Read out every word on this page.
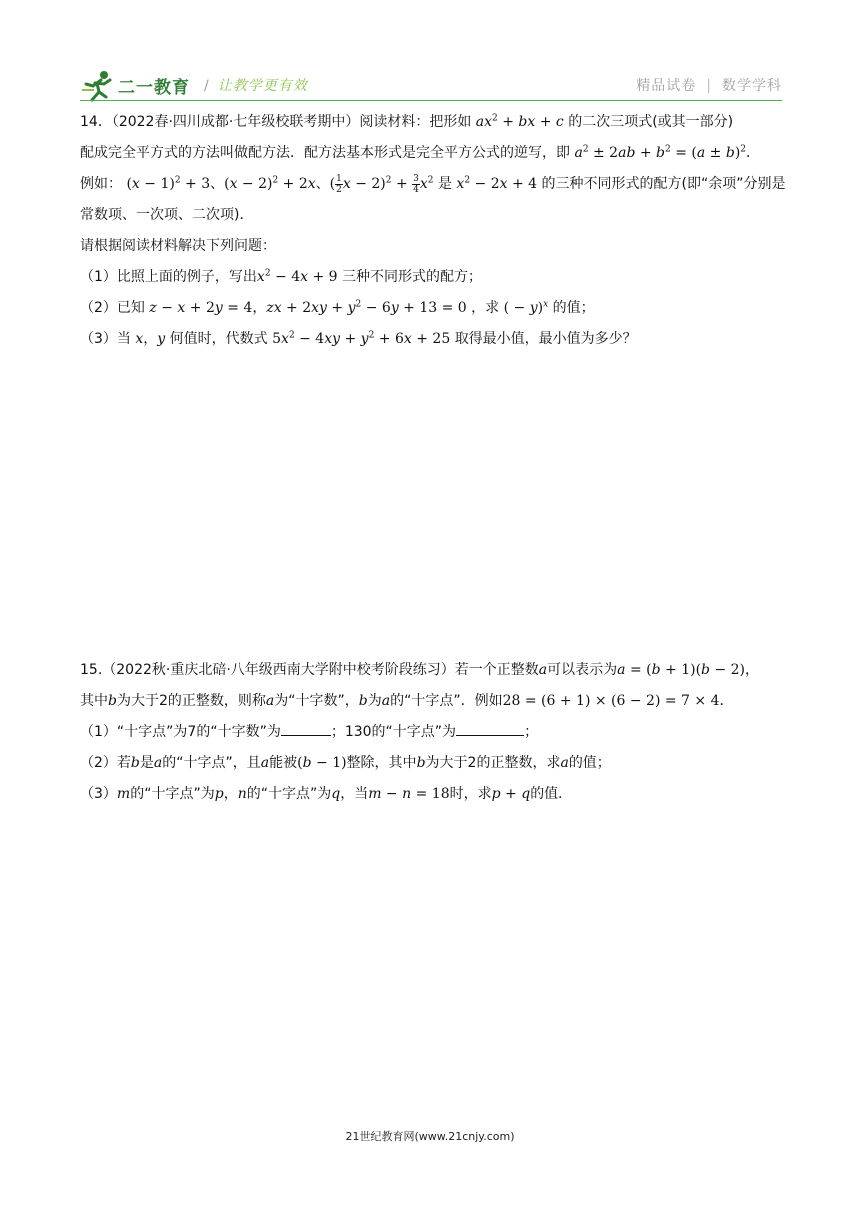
二一教育 / 让教学更有效	精品试卷 | 数学学科
14．（2022春·四川成都·七年级校联考期中）阅读材料：把形如 $ax^2$ + bx + c 的二次三项式(或其一部分)
配成完全平方式的方法叫做配方法．配方法基本形式是完全平方公式的逆写，即 $a^2 \pm 2ab + b^2 = (a \pm b)^2$．
例如： $(x - 1)^2 + 3$、$(x - 2)^2 + 2x$、( $\frac{1}{2}$ $x - 2)^2 + \frac{3}{4} x^2$ 是 $x^2 - 2x + 4$ 的三种不同形式的配方(即“余项”分别是
常数项、一次项、二次项)．
请根据阅读材料解决下列问题：
（1）比照上面的例子，写出$x^2 - 4x + 9$ 三种不同形式的配方；
（2）已知 z − x + 2y = 4，zx + $2xy + y^2 - 6y + 13 = 0$ ，求 ( − y)$^x$ 的值；
（3）当 x，y 何值时，代数式 $5x^2 - 4xy + y^2 + 6x + 25$ 取得最小值，最小值为多少？
15.（2022秋·重庆北碚·八年级西南大学附中校考阶段练习）若一个正整数a可以表示为a = (b + 1)(b − 2)，
其中b为大于2的正整数，则称a为“十字数”，b为a的“十字点”．例如28 = (6 + 1) × (6 − 2) = 7 × 4．
（1）“十字点”为7的“十字数”为	；130的“十字点”为	；
（2）若b是a的“十字点”，且a能被(b − 1)整除，其中b为大于2的正整数，求a的值；
（3）m的“十字点”为p，n的“十字点”为q，当m − n = 18时，求p + q的值．
21世纪教育网(www.21cnjy.com)
